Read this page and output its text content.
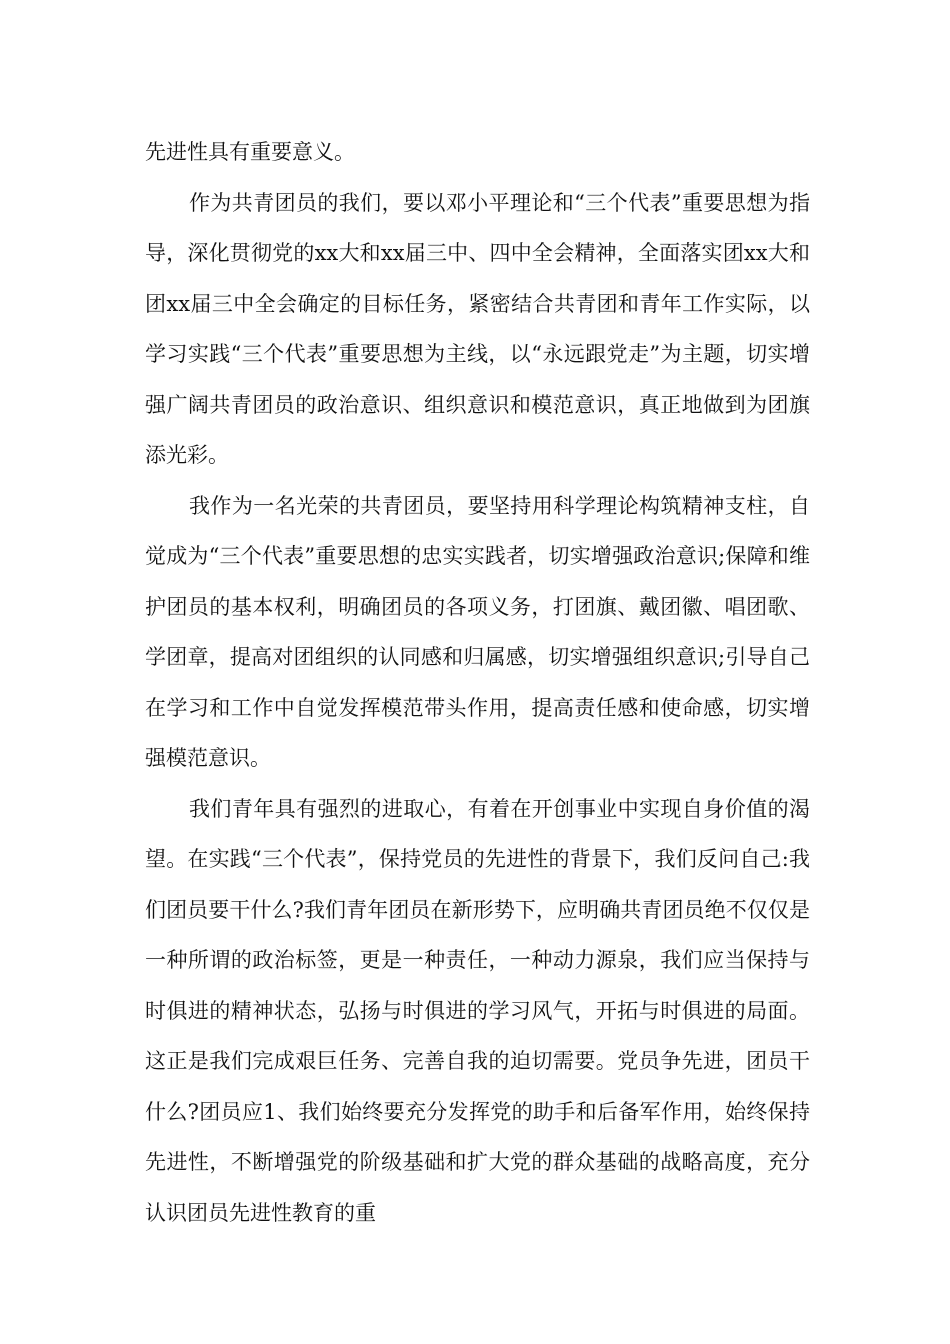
先进性具有重要意义。

作为共青团员的我们，要以邓小平理论和“三个代表”重要思想为指导，深化贯彻党的xx大和xx届三中、四中全会精神，全面落实团xx大和团xx届三中全会确定的目标任务，紧密结合共青团和青年工作实际，以学习实践“三个代表”重要思想为主线，以“永远跟党走”为主题，切实增强广阔共青团员的政治意识、组织意识和模范意识，真正地做到为团旗添光彩。

我作为一名光荣的共青团员，要坚持用科学理论构筑精神支柱，自觉成为“三个代表”重要思想的忠实实践者，切实增强政治意识;保障和维护团员的基本权利，明确团员的各项义务，打团旗、戴团徽、唱团歌、学团章，提高对团组织的认同感和归属感，切实增强组织意识;引导自己在学习和工作中自觉发挥模范带头作用，提高责任感和使命感，切实增强模范意识。

我们青年具有强烈的进取心，有着在开创事业中实现自身价值的渴望。在实践“三个代表”，保持党员的先进性的背景下，我们反问自己:我们团员要干什么?我们青年团员在新形势下，应明确共青团员绝不仅仅是一种所谓的政治标签，更是一种责任，一种动力源泉，我们应当保持与时俱进的精神状态，弘扬与时俱进的学习风气，开拓与时俱进的局面。这正是我们完成艰巨任务、完善自我的迫切需要。党员争先进，团员干什么?团员应1、我们始终要充分发挥党的助手和后备军作用，始终保持先进性，不断增强党的阶级基础和扩大党的群众基础的战略高度，充分认识团员先进性教育的重
